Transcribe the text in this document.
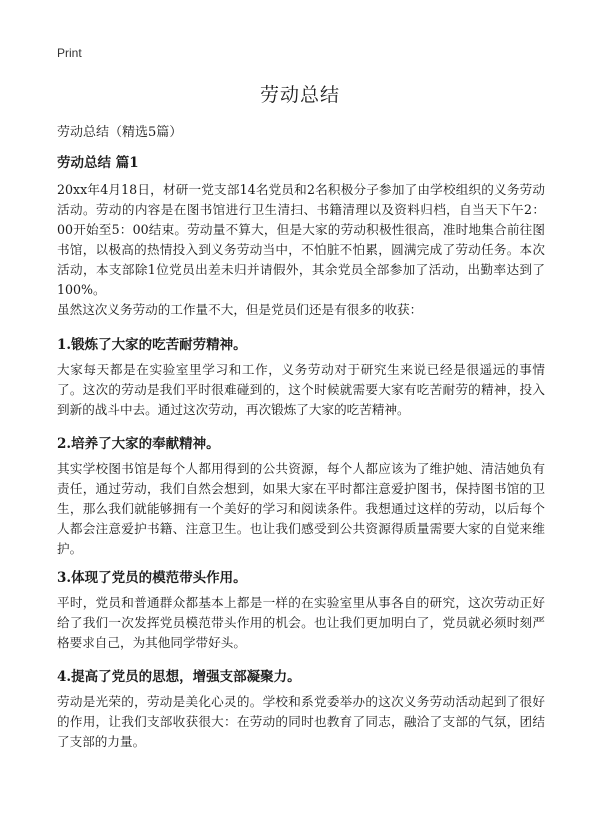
Print
劳动总结
劳动总结（精选5篇）
劳动总结 篇1

20xx年4月18日，材研一党支部14名党员和2名积极分子参加了由学校组织的义务劳动活动。劳动的内容是在图书馆进行卫生清扫、书籍清理以及资料归档，自当天下午2：00开始至5：00结束。劳动量不算大，但是大家的劳动积极性很高，准时地集合前往图书馆，以极高的热情投入到义务劳动当中，不怕脏不怕累，圆满完成了劳动任务。本次活动，本支部除1位党员出差未归并请假外，其余党员全部参加了活动，出勤率达到了100%。

虽然这次义务劳动的工作量不大，但是党员们还是有很多的收获：

1.锻炼了大家的吃苦耐劳精神。

大家每天都是在实验室里学习和工作，义务劳动对于研究生来说已经是很遥远的事情了。这次的劳动是我们平时很难碰到的，这个时候就需要大家有吃苦耐劳的精神，投入到新的战斗中去。通过这次劳动，再次锻炼了大家的吃苦精神。

2.培养了大家的奉献精神。

其实学校图书馆是每个人都用得到的公共资源，每个人都应该为了维护她、清洁她负有责任，通过劳动，我们自然会想到，如果大家在平时都注意爱护图书，保持图书馆的卫生，那么我们就能够拥有一个美好的学习和阅读条件。我想通过这样的劳动，以后每个人都会注意爱护书籍、注意卫生。也让我们感受到公共资源得质量需要大家的自觉来维护。

3.体现了党员的模范带头作用。

平时，党员和普通群众都基本上都是一样的在实验室里从事各自的研究，这次劳动正好给了我们一次发挥党员模范带头作用的机会。也让我们更加明白了，党员就必须时刻严格要求自己，为其他同学带好头。

4.提高了党员的思想，增强支部凝聚力。

劳动是光荣的，劳动是美化心灵的。学校和系党委举办的这次义务劳动活动起到了很好的作用，让我们支部收获很大：在劳动的同时也教育了同志，融洽了支部的气氛，团结了支部的力量。
